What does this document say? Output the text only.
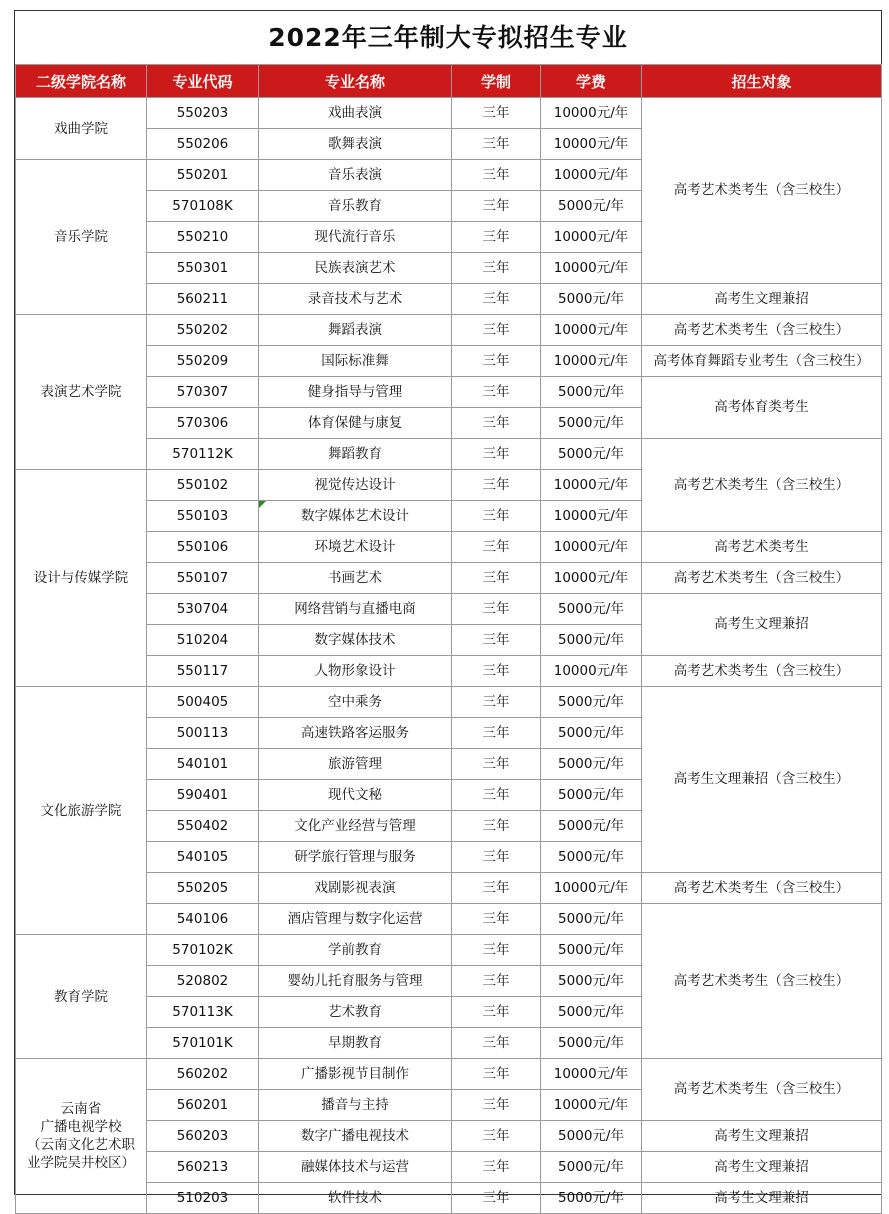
2022年三年制大专拟招生专业
二级学院名称	专业代码	专业名称	学制	学费	招生对象
戏曲学院	550203	戏曲表演	三年	10000元/年	高考艺术类考生（含三校生）
	550206	歌舞表演	三年	10000元/年	
音乐学院	550201	音乐表演	三年	10000元/年	
	570108K	音乐教育	三年	5000元/年	
	550210	现代流行音乐	三年	10000元/年	
	550301	民族表演艺术	三年	10000元/年	
	560211	录音技术与艺术	三年	5000元/年	高考生文理兼招
表演艺术学院	550202	舞蹈表演	三年	10000元/年	高考艺术类考生（含三校生）
	550209	国际标准舞	三年	10000元/年	高考体育舞蹈专业考生（含三校生）
	570307	健身指导与管理	三年	5000元/年	高考体育类考生
	570306	体育保健与康复	三年	5000元/年	
	570112K	舞蹈教育	三年	5000元/年	高考艺术类考生（含三校生）
设计与传媒学院	550102	视觉传达设计	三年	10000元/年	
	550103	数字媒体艺术设计	三年	10000元/年	
	550106	环境艺术设计	三年	10000元/年	高考艺术类考生
	550107	书画艺术	三年	10000元/年	高考艺术类考生（含三校生）
	530704	网络营销与直播电商	三年	5000元/年	高考生文理兼招
	510204	数字媒体技术	三年	5000元/年	
	550117	人物形象设计	三年	10000元/年	高考艺术类考生（含三校生）
文化旅游学院	500405	空中乘务	三年	5000元/年	高考生文理兼招（含三校生）
	500113	高速铁路客运服务	三年	5000元/年	
	540101	旅游管理	三年	5000元/年	
	590401	现代文秘	三年	5000元/年	
	550402	文化产业经营与管理	三年	5000元/年	
	540105	研学旅行管理与服务	三年	5000元/年	
	550205	戏剧影视表演	三年	10000元/年	高考艺术类考生（含三校生）
	540106	酒店管理与数字化运营	三年	5000元/年	高考艺术类考生（含三校生）
教育学院	570102K	学前教育	三年	5000元/年	
	520802	婴幼儿托育服务与管理	三年	5000元/年	
	570113K	艺术教育	三年	5000元/年	
	570101K	早期教育	三年	5000元/年	
云南省
广播电视学校
（云南文化艺术职
业学院吴井校区）	560202	广播影视节目制作	三年	10000元/年	高考艺术类考生（含三校生）
	560201	播音与主持	三年	10000元/年	
	560203	数字广播电视技术	三年	5000元/年	高考生文理兼招
	560213	融媒体技术与运营	三年	5000元/年	高考生文理兼招
	510203	软件技术	三年	5000元/年	高考生文理兼招
